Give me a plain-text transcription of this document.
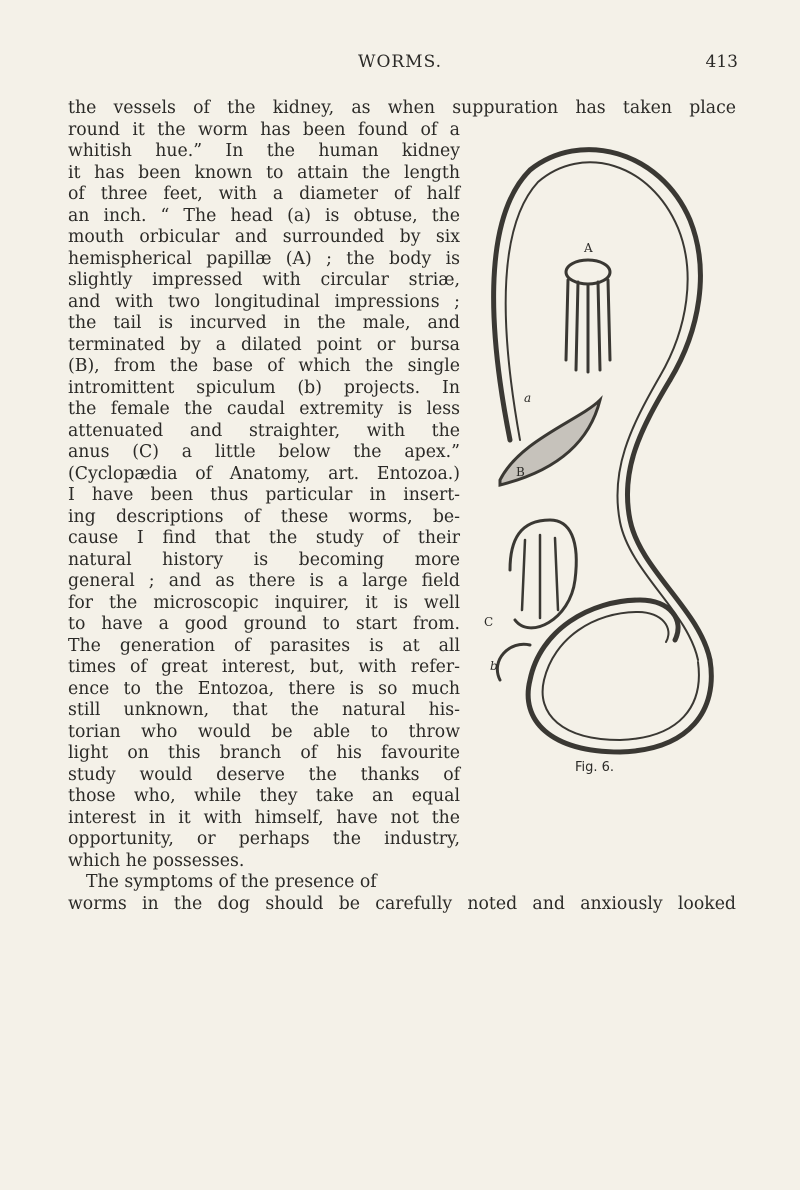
WORMS.	413
the vessels of the kidney, as when suppuration has taken place
round it the worm has been found of a
whitish hue.” In the human kidney
it has been known to attain the length
of three feet, with a diameter of half
an inch. “ The head (a) is obtuse, the
mouth orbicular and surrounded by six
hemispherical papillæ (A) ; the body is
slightly impressed with circular striæ,
and with two longitudinal impressions ;
the tail is incurved in the male, and
terminated by a dilated point or bursa
(B), from the base of which the single
intromittent spiculum (b) projects. In
the female the caudal extremity is less
attenuated and straighter, with the
anus (C) a little below the apex.”
(Cyclopædia of Anatomy, art. Entozoa.)
I have been thus particular in insert-
ing descriptions of these worms, be-
cause I find that the study of their
natural history is becoming more
general ; and as there is a large field
for the microscopic inquirer, it is well
to have a good ground to start from.
The generation of parasites is at all
times of great interest, but, with refer-
ence to the Entozoa, there is so much
still unknown, that the natural his-
torian who would be able to throw
light on this branch of his favourite
study would deserve the thanks of
those who, while they take an equal
interest in it with himself, have not the
opportunity, or perhaps the industry,
which he possesses.
The symptoms of the presence of
worms in the dog should be carefully noted and anxiously looked
A
a
B
C
b
Fig. 6.
